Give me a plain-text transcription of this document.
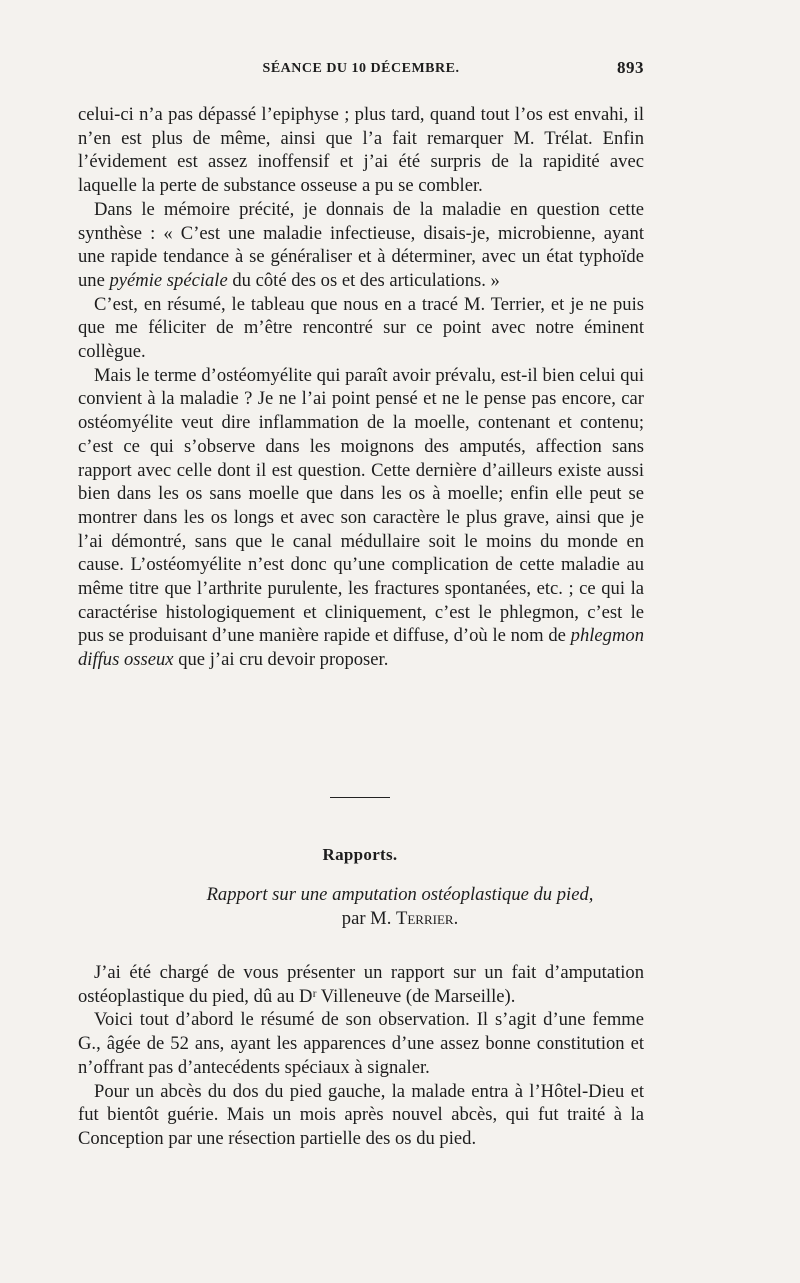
SÉANCE DU 10 DÉCEMBRE.	893

celui-ci n’a pas dépassé l’epiphyse ; plus tard, quand tout l’os est envahi, il n’en est plus de même, ainsi que l’a fait remarquer M. Trélat. Enfin l’évidement est assez inoffensif et j’ai été surpris de la rapidité avec laquelle la perte de substance osseuse a pu se combler.

Dans le mémoire précité, je donnais de la maladie en question cette synthèse : « C’est une maladie infectieuse, disais-je, microbienne, ayant une rapide tendance à se généraliser et à déterminer, avec un état typhoïde une pyémie spéciale du côté des os et des articulations. »

C’est, en résumé, le tableau que nous en a tracé M. Terrier, et je ne puis que me féliciter de m’être rencontré sur ce point avec notre éminent collègue.

Mais le terme d’ostéomyélite qui paraît avoir prévalu, est-il bien celui qui convient à la maladie ? Je ne l’ai point pensé et ne le pense pas encore, car ostéomyélite veut dire inflammation de la moelle, contenant et contenu; c’est ce qui s’observe dans les moignons des amputés, affection sans rapport avec celle dont il est question. Cette dernière d’ailleurs existe aussi bien dans les os sans moelle que dans les os à moelle; enfin elle peut se montrer dans les os longs et avec son caractère le plus grave, ainsi que je l’ai démontré, sans que le canal médullaire soit le moins du monde en cause. L’ostéomyélite n’est donc qu’une complication de cette maladie au même titre que l’arthrite purulente, les fractures spontanées, etc. ; ce qui la caractérise histologiquement et cliniquement, c’est le phlegmon, c’est le pus se produisant d’une manière rapide et diffuse, d’où le nom de phlegmon diffus osseux que j’ai cru devoir proposer.

Rapports.
Rapport sur une amputation ostéoplastique du pied,
par M. Terrier.

J’ai été chargé de vous présenter un rapport sur un fait d’amputation ostéoplastique du pied, dû au Dʳ Villeneuve (de Marseille).

Voici tout d’abord le résumé de son observation. Il s’agit d’une femme G., âgée de 52 ans, ayant les apparences d’une assez bonne constitution et n’offrant pas d’antecédents spéciaux à signaler.

Pour un abcès du dos du pied gauche, la malade entra à l’Hôtel-Dieu et fut bientôt guérie. Mais un mois après nouvel abcès, qui fut traité à la Conception par une résection partielle des os du pied.
